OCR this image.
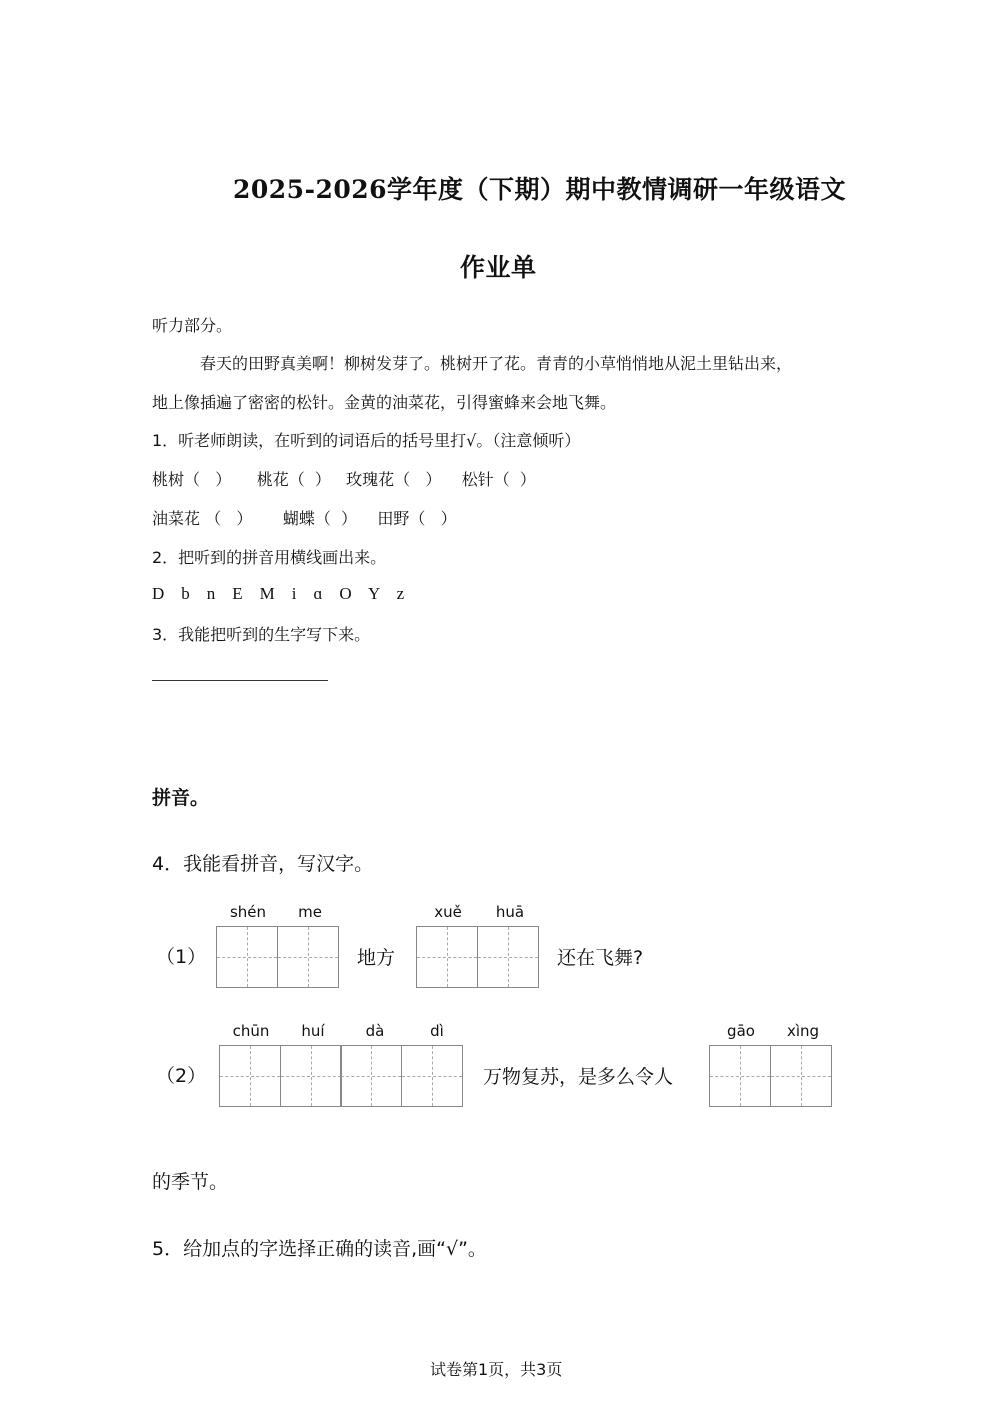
2025-2026学年度（下期）期中教情调研一年级语文
作业单
听力部分。
春天的田野真美啊！柳树发芽了。桃树开了花。青青的小草悄悄地从泥土里钻出来，
地上像插遍了密密的松针。金黄的油菜花，引得蜜蜂来会地飞舞。
1．听老师朗读，在听到的词语后的括号里打√。（注意倾听）
桃树（   ）     桃花（  ）   玫瑰花（   ）    松针（  ）
油菜花 （   ）      蝴蝶（  ）    田野（   ）
2．把听到的拼音用横线画出来。
D    b    n    E    M    i    ɑ    O    Y    z
3．我能把听到的生字写下来。
拼音。
4．我能看拼音，写汉字。
（1）
shén	me
地方
xuě	huā
还在飞舞?
（2）
chūn	huí	dà	dì
万物复苏，是多么令人
gāo	xìng
的季节。
5．给加点的字选择正确的读音,画“√”。
试卷第1页，共3页
